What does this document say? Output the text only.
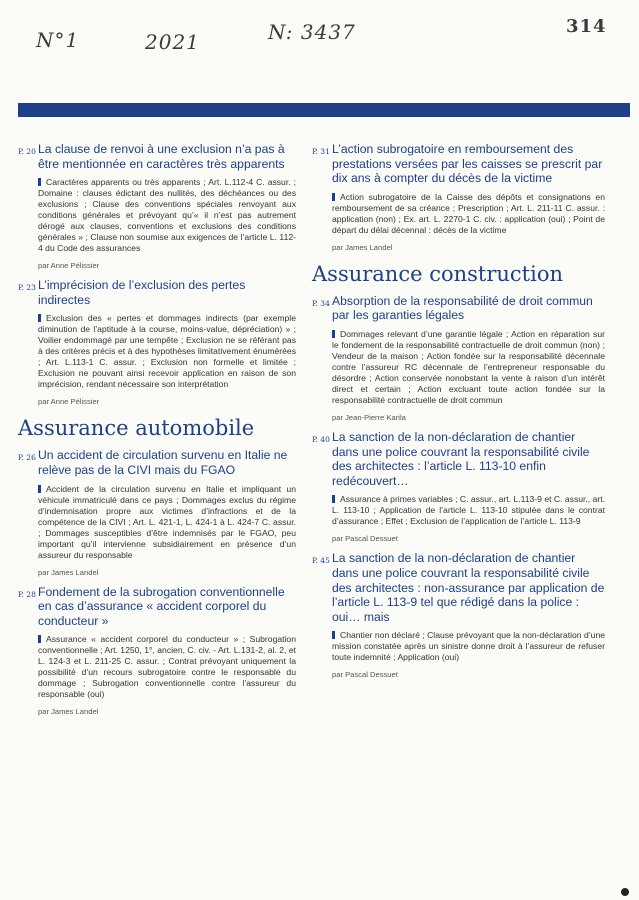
N°1	2021	N: 3437	314
P. 20 La clause de renvoi à une exclusion n’a pas à être mentionnée en caractères très apparents
Caractères apparents ou très apparents ; Art. L.112-4 C. assur. ; Domaine : clauses édictant des nullités, des déchéances ou des exclusions ; Clause des conventions spéciales renvoyant aux conditions générales et prévoyant qu’« il n’est pas autrement dérogé aux clauses, conventions et exclusions des conditions générales » ; Clause non soumise aux exigences de l’article L. 112-4 du Code des assurances
par Anne Pélissier
P. 23 L’imprécision de l’exclusion des pertes indirectes
Exclusion des « pertes et dommages indirects (par exemple diminution de l’aptitude à la course, moins-value, dépréciation) » ; Voilier endommagé par une tempête ; Exclusion ne se référant pas à des critères précis et à des hypothèses limitativement énumérées ; Art. L.113-1 C. assur. ; Exclusion non formelle et limitée ; Exclusion ne pouvant ainsi recevoir application en raison de son imprécision, rendant nécessaire son interprétation
par Anne Pélissier
Assurance automobile
P. 26 Un accident de circulation survenu en Italie ne relève pas de la CIVI mais du FGAO
Accident de la circulation survenu en Italie et impliquant un véhicule immatriculé dans ce pays ; Dommages exclus du régime d’indemnisation propre aux victimes d’infractions et de la compétence de la CIVI ; Art. L. 421-1, L. 424-1 à L. 424-7 C. assur. ; Dommages susceptibles d’être indemnisés par le FGAO, peu important qu’il intervienne subsidiairement en présence d’un assureur du responsable
par James Landel
P. 28 Fondement de la subrogation conventionnelle en cas d’assurance « accident corporel du conducteur »
Assurance « accident corporel du conducteur » ; Subrogation conventionnelle ; Art. 1250, 1°, ancien, C. civ. - Art. L.131-2, al. 2, et L. 124-3 et L. 211-25 C. assur. ; Contrat prévoyant uniquement la possibilité d’un recours subrogatoire contre le responsable du dommage ; Subrogation conventionnelle contre l’assureur du responsable (oui)
par James Landel
P. 31 L’action subrogatoire en remboursement des prestations versées par les caisses se prescrit par dix ans à compter du décès de la victime
Action subrogatoire de la Caisse des dépôts et consignations en remboursement de sa créance ; Prescription ; Art. L. 211-11 C. assur. : application (non) ; Ex. art. L. 2270-1 C. civ. : application (oui) ; Point de départ du délai décennal : décès de la victime
par James Landel
Assurance construction
P. 34 Absorption de la responsabilité de droit commun par les garanties légales
Dommages relevant d’une garantie légale ; Action en réparation sur le fondement de la responsabilité contractuelle de droit commun (non) ; Vendeur de la maison ; Action fondée sur la responsabilité décennale contre l’assureur RC décennale de l’entrepreneur responsable du désordre ; Action conservée nonobstant la vente à raison d’un intérêt direct et certain ; Action excluant toute action fondée sur la responsabilité contractuelle de droit commun
par Jean-Pierre Karila
P. 40 La sanction de la non-déclaration de chantier dans une police couvrant la responsabilité civile des architectes : l’article L. 113-10 enfin redécouvert…
Assurance à primes variables ; C. assur., art. L.113-9 et C. assur., art. L. 113-10 ; Application de l’article L. 113-10 stipulée dans le contrat d’assurance ; Effet ; Exclusion de l’application de l’article L. 113-9
par Pascal Dessuet
P. 45 La sanction de la non-déclaration de chantier dans une police couvrant la responsabilité civile des architectes : non-assurance par application de l’article L. 113-9 tel que rédigé dans la police : oui… mais
Chantier non déclaré ; Clause prévoyant que la non-déclaration d’une mission constatée après un sinistre donne droit à l’assureur de refuser toute indemnité ; Application (oui)
par Pascal Dessuet
